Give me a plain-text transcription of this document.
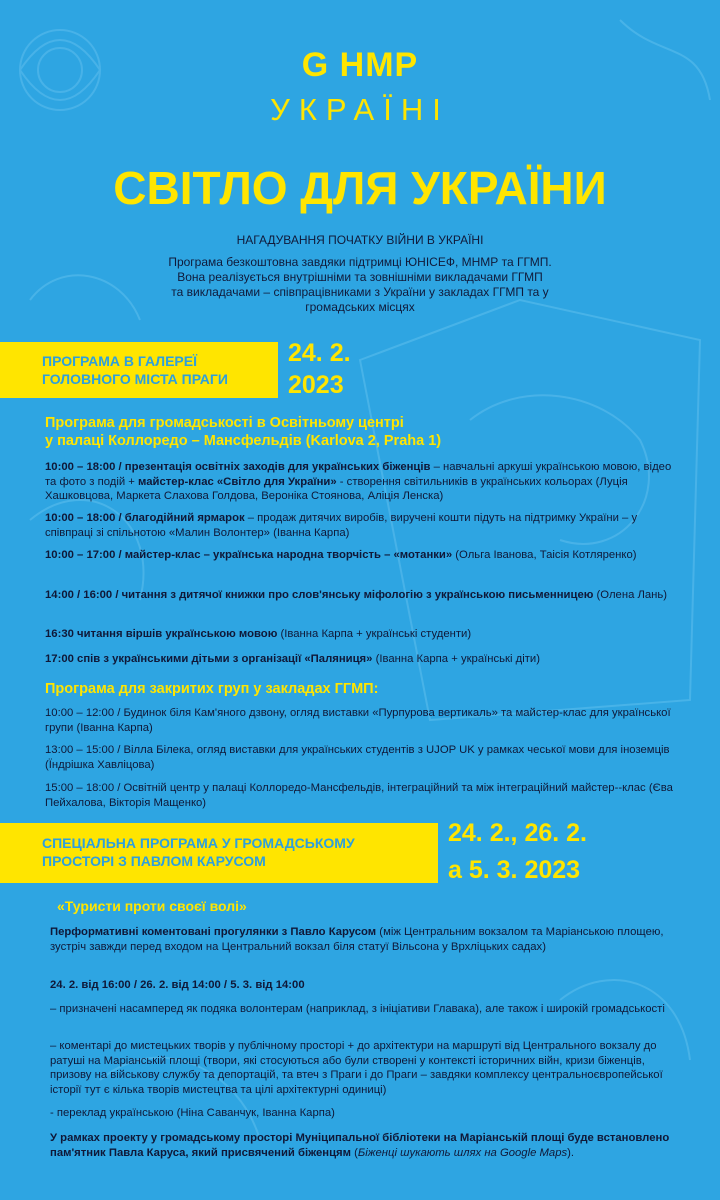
G HMP
УКРАЇНІ
СВІТЛО ДЛЯ УКРАЇНИ
НАГАДУВАННЯ ПОЧАТКУ ВІЙНИ В УКРАЇНІ
Програма безкоштовна завдяки підтримці ЮНІСЕФ, МНМР та ГГМП.
Вона реалізується внутрішніми та зовнішніми викладачами ГГМП
та викладачами – співпрацівниками з України у закладах ГГМП та у
громадських місцях
ПРОГРАМА В ГАЛЕРЕЇ
ГОЛОВНОГО МІСТА ПРАГИ
24. 2.
2023
Програма для громадськості в Освітньому центрі
у палаці Коллоредо – Мансфельдів (Karlova 2, Praha 1)
10:00 – 18:00 / презентація освітніх заходів для українських біженців – навчальні аркуші українською мовою, відео та фото з подій + майстер-клас «Світло для України» - створення світильників в українських кольорах (Луція Хашковцова, Маркета Слахова Голдова, Вероніка Стоянова, Аліція Ленска)
10:00 – 18:00 / благодійний ярмарок – продаж дитячих виробів, виручені кошти підуть на підтримку України – у співпраці зі спільнотою «Малин Волонтер» (Іванна Карпа)
10:00 – 17:00 / майстер-клас – українська народна творчість – «мотанки» (Ольга Іванова, Таісія Котляренко)
14:00 / 16:00 / читання з дитячої книжки про слов'янську міфологію з українською письменницею (Олена Лань)
16:30 читання віршів українською мовою (Іванна Карпа + українські студенти)
17:00 спів з українськими дітьми з організації «Паляниця» (Іванна Карпа + українські діти)
Програма для закритих груп у закладах ГГМП:
10:00 – 12:00 / Будинок біля Кам'яного дзвону, огляд виставки «Пурпурова вертикаль» та майстер-клас для української групи (Іванна Карпа)
13:00 – 15:00 / Вілла Білека, огляд виставки для українських студентів з UJOP UK у рамках чеської мови для іноземців (Їндрішка Хавліцова)
15:00 – 18:00 / Освітній центр у палаці Коллоредо-Мансфельдів, інтеграційний та між інтеграційний майстер--клас (Єва Пейхалова, Вікторія Мащенко)
СПЕЦІАЛЬНА ПРОГРАМА У ГРОМАДСЬКОМУ
ПРОСТОРІ З ПАВЛОМ КАРУСОМ
24. 2., 26. 2.
а 5. 3. 2023
«Туристи проти своєї волі»
Перформативні коментовані прогулянки з Павло Карусом (між Центральним вокзалом та Маріанською площею, зустріч завжди перед входом на Центральний вокзал біля статуї Вільсона у Врхліцьких садах)
24. 2. від 16:00 / 26. 2. від 14:00 / 5. 3. від 14:00
– призначені насамперед як подяка волонтерам (наприклад, з ініціативи Главака), але також і широкій громадськості
– коментарі до мистецьких творів у публічному просторі + до архітектури на маршруті від Центрального вокзалу до ратуші на Маріанській площі (твори, які стосуються або були створені у контексті історичних війн, кризи біженців, призову на військову службу та депортацій, та втеч з Праги і до Праги – завдяки комплексу центральноєвропейської історії тут є кілька творів мистецтва та цілі архітектурні одиниці)
- переклад українською (Ніна Саванчук, Іванна Карпа)
У рамках проекту у громадському просторі Муніципальної бібліотеки на Маріанській площі буде встановлено пам'ятник Павла Каруса, який присвячений біженцям (Біженці шукають шлях на Google Maps).
